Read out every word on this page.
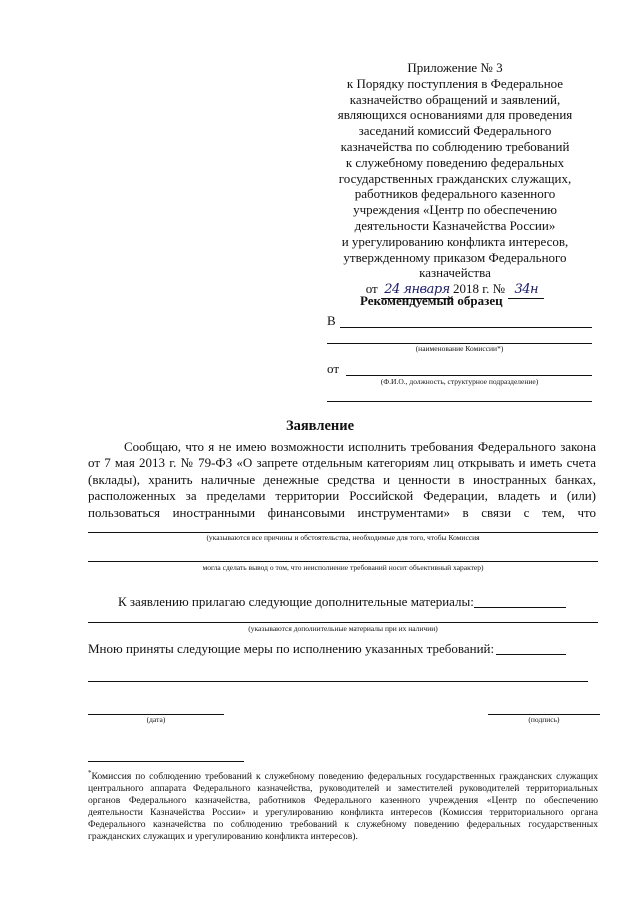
Приложение № 3
к Порядку поступления в Федеральное
казначейство обращений и заявлений,
являющихся основаниями для проведения
заседаний комиссий Федерального
казначейства по соблюдению требований
к служебному поведению федеральных
государственных гражданских служащих,
работников федерального казенного
учреждения «Центр по обеспечению
деятельности Казначейства России»
и урегулированию конфликта интересов,
утвержденному приказом Федерального
казначейства
от 24 января 2018 г. № 34н
Рекомендуемый образец
В
(наименование Комиссии*)
от
(Ф.И.О., должность, структурное подразделение)
Заявление

Сообщаю, что я не имею возможности исполнить требования Федерального закона от 7 мая 2013 г. № 79-ФЗ «О запрете отдельным категориям лиц открывать и иметь счета (вклады), хранить наличные денежные средства и ценности в иностранных банках, расположенных за пределами территории Российской Федерации, владеть и (или) пользоваться иностранными финансовыми инструментами» в связи с тем, что

(указываются все причины и обстоятельства, необходимые для того, чтобы Комиссия
могла сделать вывод о том, что неисполнение требований носит объективный характер)
К заявлению прилагаю следующие дополнительные материалы:
(указываются дополнительные материалы при их наличии)
Мною приняты следующие меры по исполнению указанных требований:
(дата)	(подпись)
*Комиссия по соблюдению требований к служебному поведению федеральных государственных гражданских служащих центрального аппарата Федерального казначейства, руководителей и заместителей руководителей территориальных органов Федерального казначейства, работников Федерального казенного учреждения «Центр по обеспечению деятельности Казначейства России» и урегулированию конфликта интересов (Комиссия территориального органа Федерального казначейства по соблюдению требований к служебному поведению федеральных государственных гражданских служащих и урегулированию конфликта интересов).
